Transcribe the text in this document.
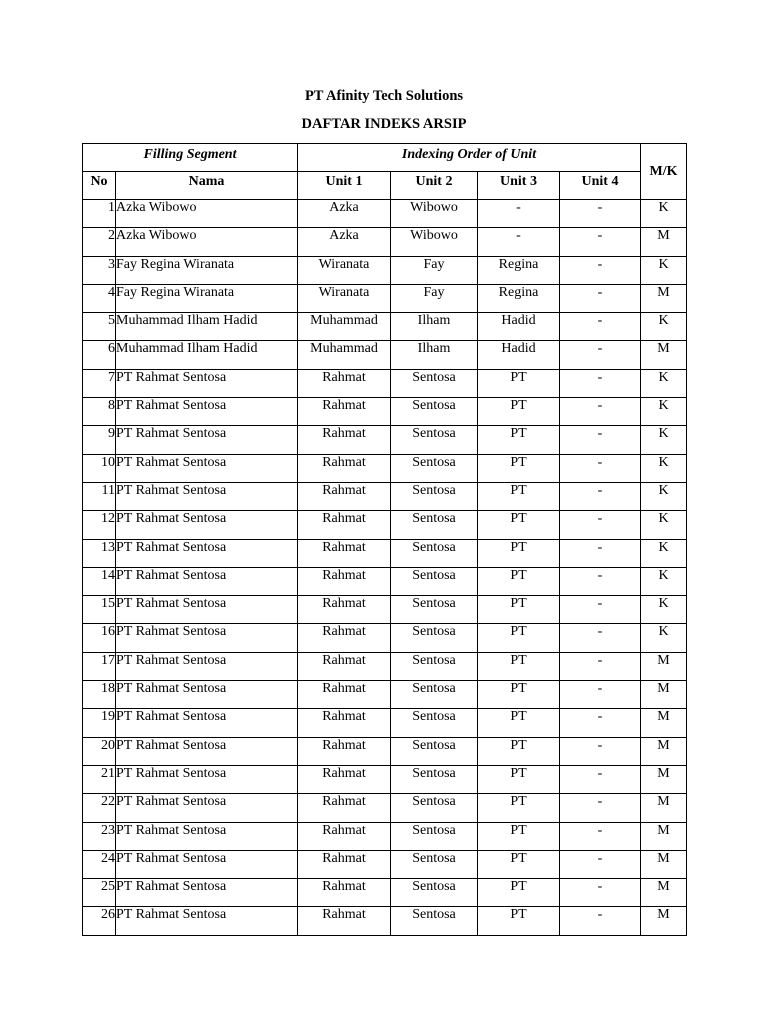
PT Afinity Tech Solutions
DAFTAR INDEKS ARSIP
Filling Segment		Indexing Order of Unit				M/K
No	Nama	Unit 1	Unit 2	Unit 3	Unit 4	
1	Azka Wibowo	Azka	Wibowo	-	-	K
2	Azka Wibowo	Azka	Wibowo	-	-	M
3	Fay Regina Wiranata	Wiranata	Fay	Regina	-	K
4	Fay Regina Wiranata	Wiranata	Fay	Regina	-	M
5	Muhammad Ilham Hadid	Muhammad	Ilham	Hadid	-	K
6	Muhammad Ilham Hadid	Muhammad	Ilham	Hadid	-	M
7	PT Rahmat Sentosa	Rahmat	Sentosa	PT	-	K
8	PT Rahmat Sentosa	Rahmat	Sentosa	PT	-	K
9	PT Rahmat Sentosa	Rahmat	Sentosa	PT	-	K
10	PT Rahmat Sentosa	Rahmat	Sentosa	PT	-	K
11	PT Rahmat Sentosa	Rahmat	Sentosa	PT	-	K
12	PT Rahmat Sentosa	Rahmat	Sentosa	PT	-	K
13	PT Rahmat Sentosa	Rahmat	Sentosa	PT	-	K
14	PT Rahmat Sentosa	Rahmat	Sentosa	PT	-	K
15	PT Rahmat Sentosa	Rahmat	Sentosa	PT	-	K
16	PT Rahmat Sentosa	Rahmat	Sentosa	PT	-	K
17	PT Rahmat Sentosa	Rahmat	Sentosa	PT	-	M
18	PT Rahmat Sentosa	Rahmat	Sentosa	PT	-	M
19	PT Rahmat Sentosa	Rahmat	Sentosa	PT	-	M
20	PT Rahmat Sentosa	Rahmat	Sentosa	PT	-	M
21	PT Rahmat Sentosa	Rahmat	Sentosa	PT	-	M
22	PT Rahmat Sentosa	Rahmat	Sentosa	PT	-	M
23	PT Rahmat Sentosa	Rahmat	Sentosa	PT	-	M
24	PT Rahmat Sentosa	Rahmat	Sentosa	PT	-	M
25	PT Rahmat Sentosa	Rahmat	Sentosa	PT	-	M
26	PT Rahmat Sentosa	Rahmat	Sentosa	PT	-	M
